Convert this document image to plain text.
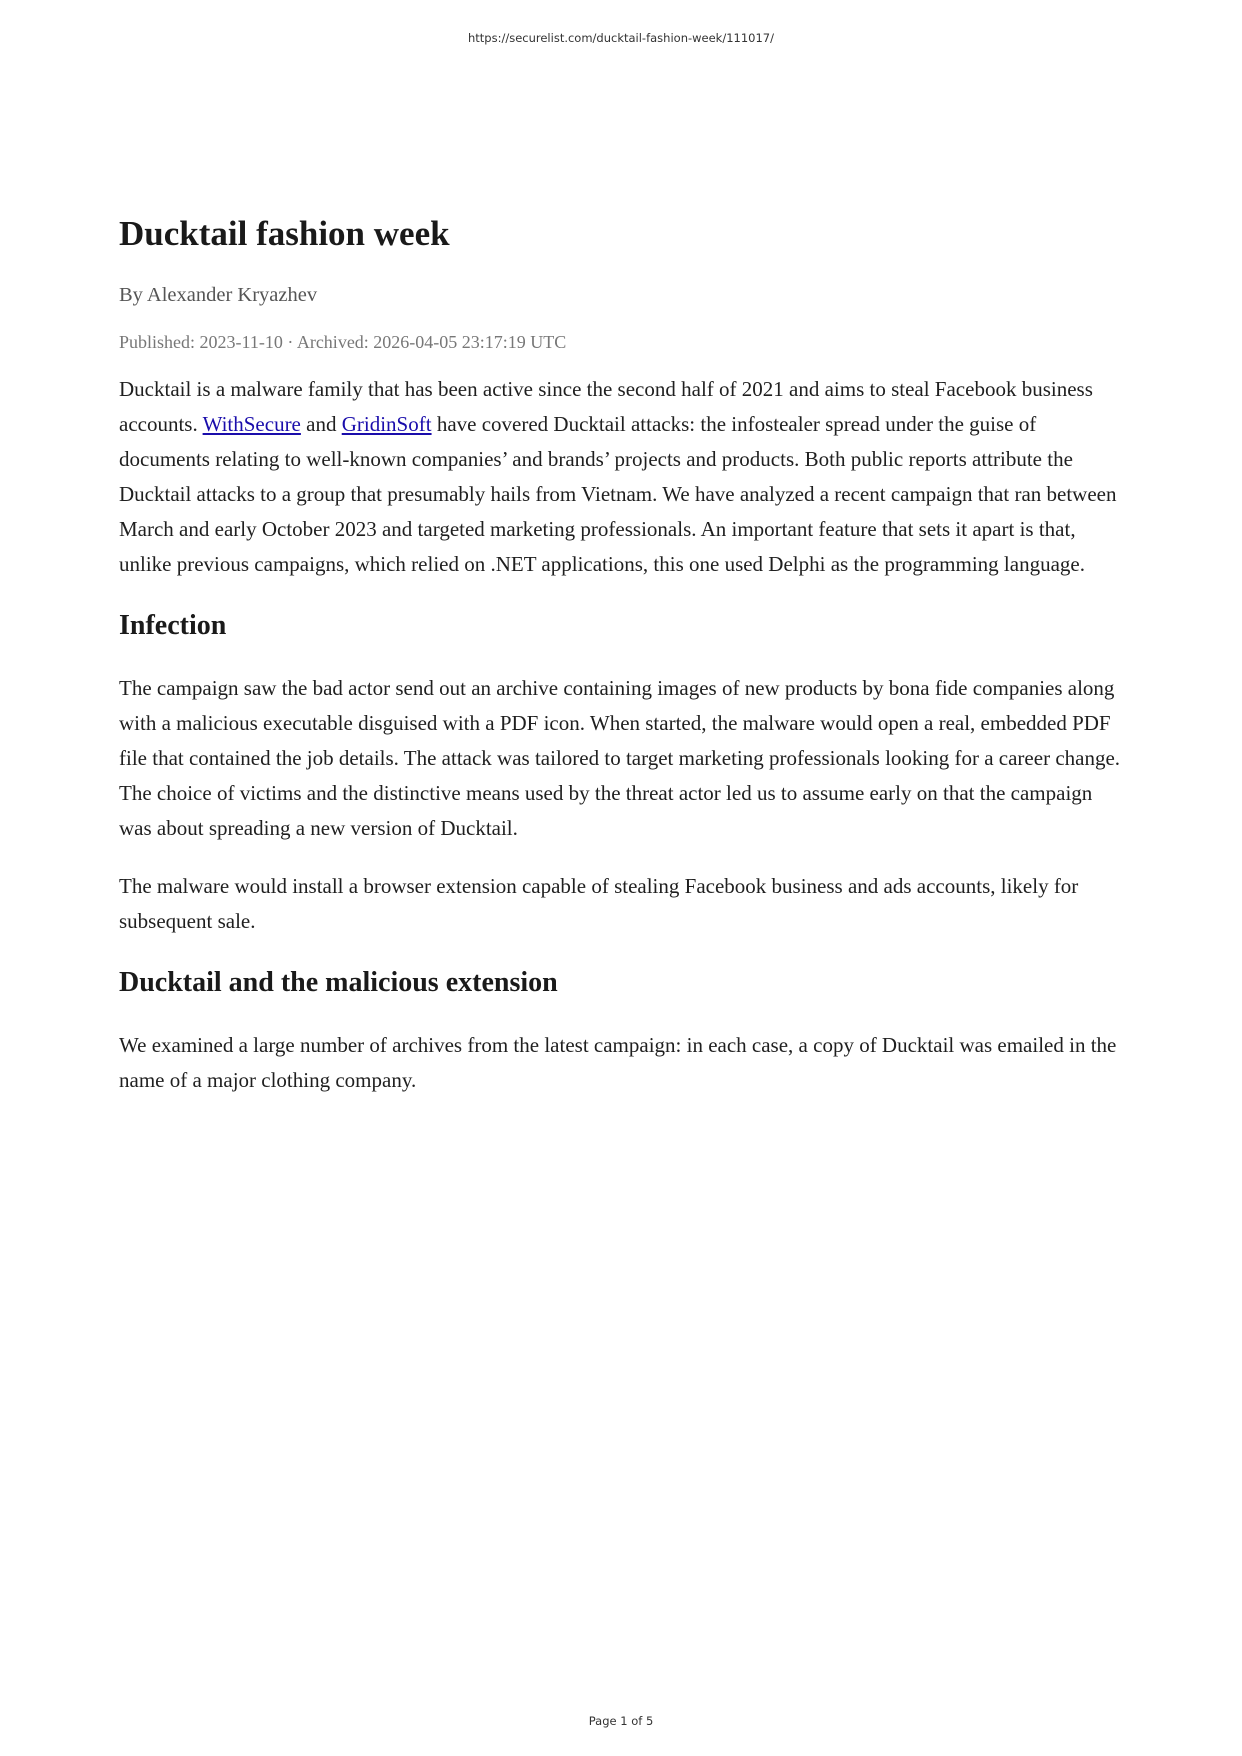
https://securelist.com/ducktail-fashion-week/111017/
Ducktail fashion week
By Alexander Kryazhev
Published: 2023-11-10 · Archived: 2026-04-05 23:17:19 UTC

Ducktail is a malware family that has been active since the second half of 2021 and aims to steal Facebook business accounts. WithSecure and GridinSoft have covered Ducktail attacks: the infostealer spread under the guise of documents relating to well-known companies’ and brands’ projects and products. Both public reports attribute the Ducktail attacks to a group that presumably hails from Vietnam. We have analyzed a recent campaign that ran between March and early October 2023 and targeted marketing professionals. An important feature that sets it apart is that, unlike previous campaigns, which relied on .NET applications, this one used Delphi as the programming language.

Infection

The campaign saw the bad actor send out an archive containing images of new products by bona fide companies along with a malicious executable disguised with a PDF icon. When started, the malware would open a real, embedded PDF file that contained the job details. The attack was tailored to target marketing professionals looking for a career change. The choice of victims and the distinctive means used by the threat actor led us to assume early on that the campaign was about spreading a new version of Ducktail.

The malware would install a browser extension capable of stealing Facebook business and ads accounts, likely for subsequent sale.

Ducktail and the malicious extension

We examined a large number of archives from the latest campaign: in each case, a copy of Ducktail was emailed in the name of a major clothing company.

Page 1 of 5
